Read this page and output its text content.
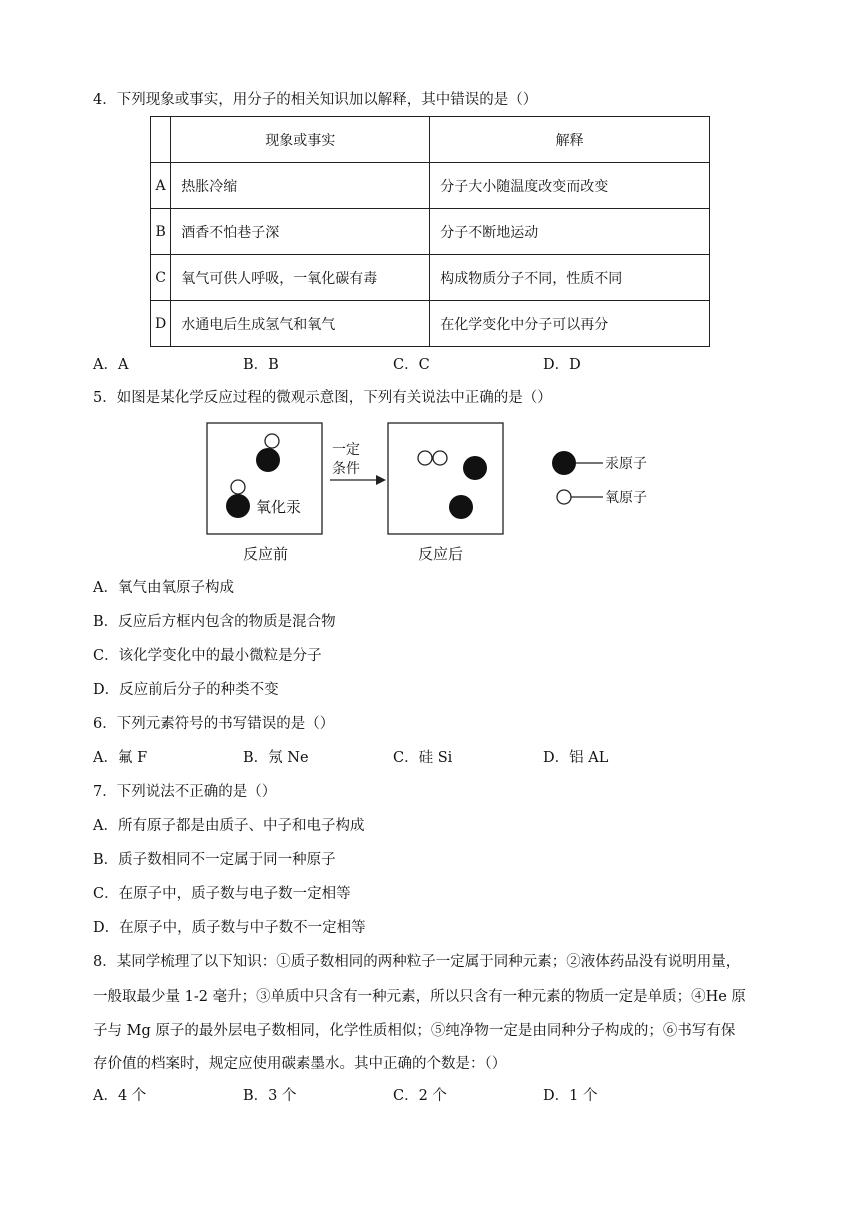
4．下列现象或事实，用分子的相关知识加以解释，其中错误的是（）
	现象或事实	解释
A	热胀冷缩	分子大小随温度改变而改变
B	酒香不怕巷子深	分子不断地运动
C	氧气可供人呼吸，一氧化碳有毒	构成物质分子不同，性质不同
D	水通电后生成氢气和氧气	在化学变化中分子可以再分
A．A	B．B	C．C	D．D
5．如图是某化学反应过程的微观示意图，下列有关说法中正确的是（）
氧化汞
一定
条件
反应前	反应后
汞原子
氧原子
A．氧气由氧原子构成
B．反应后方框内包含的物质是混合物
C．该化学变化中的最小微粒是分子
D．反应前后分子的种类不变
6．下列元素符号的书写错误的是（）
A．氟 F	B．氖 Ne	C．硅 Si	D．铝 AL
7．下列说法不正确的是（）
A．所有原子都是由质子、中子和电子构成
B．质子数相同不一定属于同一种原子
C．在原子中，质子数与电子数一定相等
D．在原子中，质子数与中子数不一定相等
8．某同学梳理了以下知识：①质子数相同的两种粒子一定属于同种元素；②液体药品没有说明用量，
一般取最少量 1-2 毫升；③单质中只含有一种元素，所以只含有一种元素的物质一定是单质；④He 原
子与 Mg 原子的最外层电子数相同，化学性质相似；⑤纯净物一定是由同种分子构成的；⑥书写有保
存价值的档案时，规定应使用碳素墨水。其中正确的个数是：（）
A．4 个	B．3 个	C．2 个	D．1 个
